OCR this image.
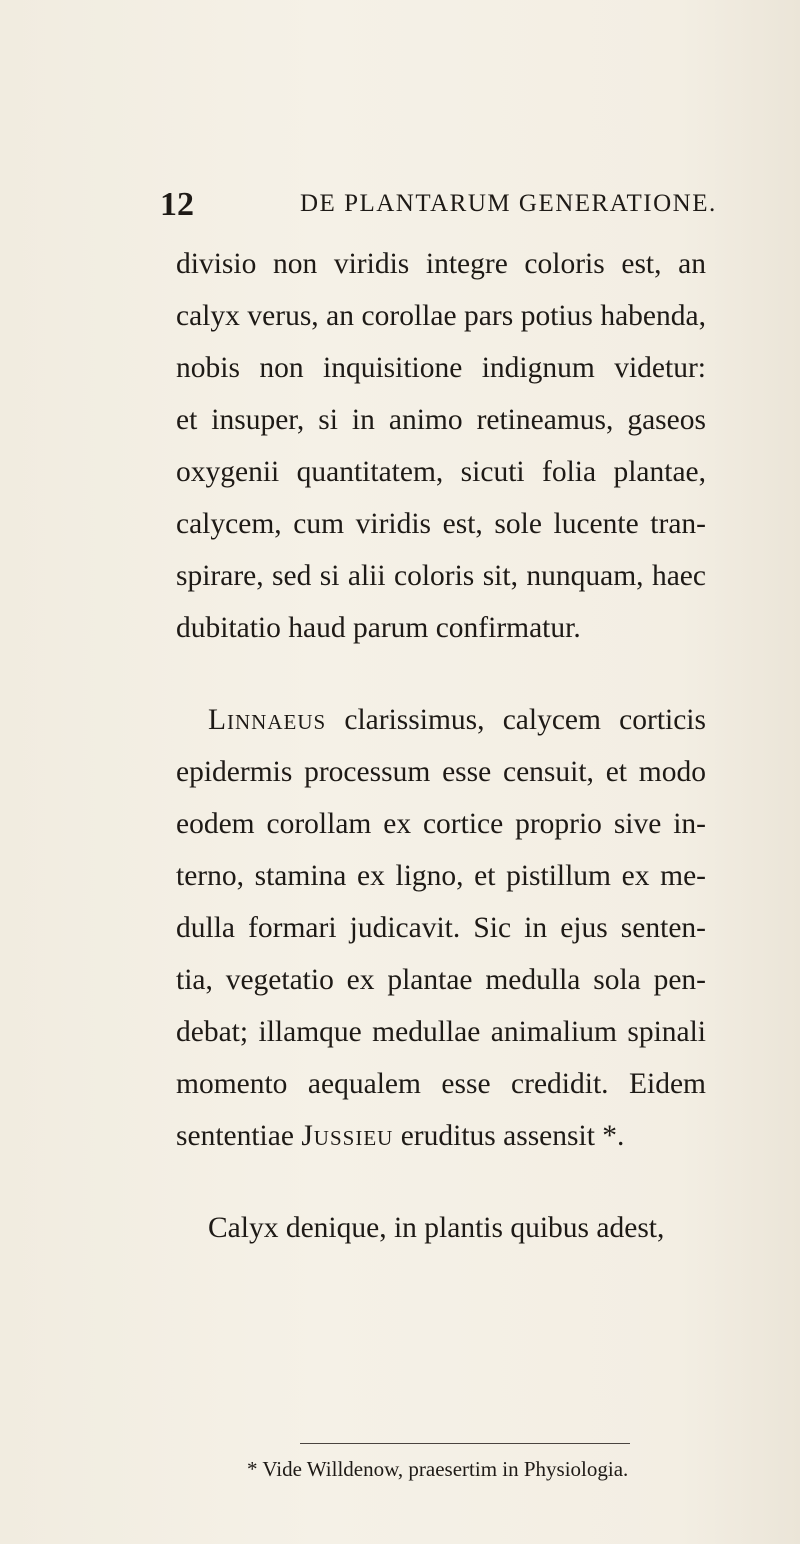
12	DE PLANTARUM GENERATIONE.
divisio non viridis integre coloris est, an
calyx verus, an corollae pars potius habenda,
nobis non inquisitione indignum videtur:
et insuper, si in animo retineamus, gaseos
oxygenii quantitatem, sicuti folia plantae,
calycem, cum viridis est, sole lucente tran-
spirare, sed si alii coloris sit, nunquam, haec
dubitatio haud parum confirmatur.
Linnaeus clarissimus, calycem corticis
epidermis processum esse censuit, et modo
eodem corollam ex cortice proprio sive in-
terno, stamina ex ligno, et pistillum ex me-
dulla formari judicavit. Sic in ejus senten-
tia, vegetatio ex plantae medulla sola pen-
debat; illamque medullae animalium spinali
momento aequalem esse credidit. Eidem
sententiae Jussieu eruditus assensit *.
Calyx denique, in plantis quibus adest,
* Vide Willdenow, praesertim in Physiologia.
